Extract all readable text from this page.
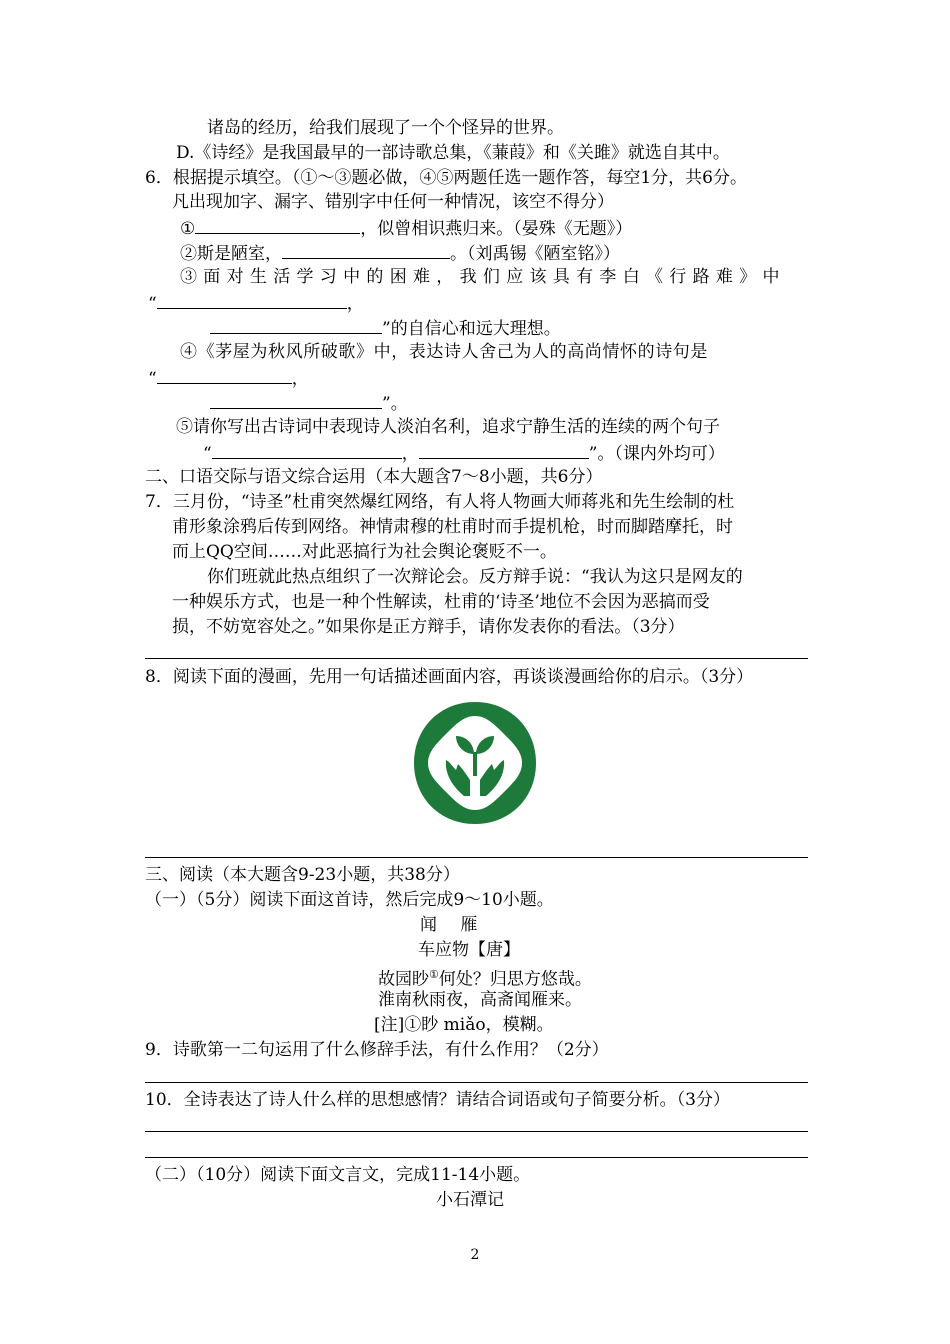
诸岛的经历，给我们展现了一个个怪异的世界。
D.《诗经》是我国最早的一部诗歌总集，《蒹葭》和《关雎》就选自其中。
6．根据提示填空。（①～③题必做，④⑤两题任选一题作答，每空1分，共6分。
凡出现加字、漏字、错别字中任何一种情况，该空不得分）
①	，似曾相识燕归来。（晏殊《无题》）
②斯是陋室，	。（刘禹锡《陋室铭》）
③面对生活学习中的困难，我们应该具有李白《行路难》中
“	，
”的自信心和远大理想。
④《茅屋为秋风所破歌》中，表达诗人舍己为人的高尚情怀的诗句是
“	，
”。
⑤请你写出古诗词中表现诗人淡泊名利，追求宁静生活的连续的两个句子
“	，	”。（课内外均可）
二、口语交际与语文综合运用（本大题含7～8小题，共6分）
7．三月份，“诗圣”杜甫突然爆红网络，有人将人物画大师蒋兆和先生绘制的杜
甫形象涂鸦后传到网络。神情肃穆的杜甫时而手提机枪，时而脚踏摩托，时
而上QQ空间……对此恶搞行为社会舆论褒贬不一。
你们班就此热点组织了一次辩论会。反方辩手说：“我认为这只是网友的
一种娱乐方式，也是一种个性解读，杜甫的‘诗圣’地位不会因为恶搞而受
损，不妨宽容处之。”如果你是正方辩手，请你发表你的看法。（3分）
8．阅读下面的漫画，先用一句话描述画面内容，再谈谈漫画给你的启示。（3分）
三、阅读（本大题含9-23小题，共38分）
（一）（5分）阅读下面这首诗，然后完成9～10小题。
闻 雁
车应物【唐】
故园眇①何处？归思方悠哉。
淮南秋雨夜，高斋闻雁来。
[注]①眇 miǎo，模糊。
9．诗歌第一二句运用了什么修辞手法，有什么作用？（2分）
10．全诗表达了诗人什么样的思想感情？请结合词语或句子简要分析。（3分）
（二）（10分）阅读下面文言文，完成11-14小题。
小石潭记
2
